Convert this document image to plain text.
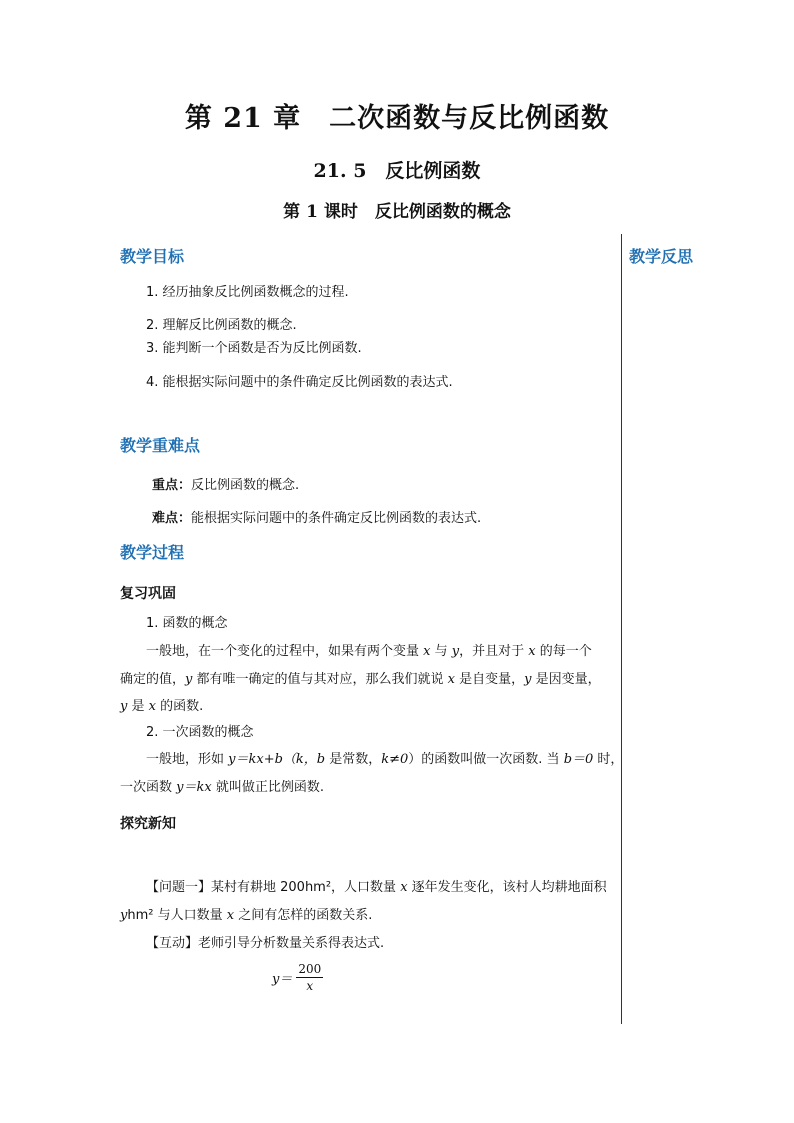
第 21 章　二次函数与反比例函数
21. 5　反比例函数
第 1 课时　反比例函数的概念
教学反思
教学目标
1. 经历抽象反比例函数概念的过程.
2. 理解反比例函数的概念.
3. 能判断一个函数是否为反比例函数.
4. 能根据实际问题中的条件确定反比例函数的表达式.
教学重难点
重点：反比例函数的概念.
难点：能根据实际问题中的条件确定反比例函数的表达式.
教学过程
复习巩固
1. 函数的概念
一般地，在一个变化的过程中，如果有两个变量 x 与 y，并且对于 x 的每一个
确定的值，y 都有唯一确定的值与其对应，那么我们就说 x 是自变量，y 是因变量，
y 是 x 的函数.
2. 一次函数的概念
一般地，形如 y＝kx+b（k，b 是常数，k≠0）的函数叫做一次函数. 当 b＝0 时，
一次函数 y＝kx 就叫做正比例函数.
探究新知
【问题一】某村有耕地 200hm²，人口数量 x 逐年发生变化，该村人均耕地面积
yhm² 与人口数量 x 之间有怎样的函数关系.
【互动】老师引导分析数量关系得表达式.
$y= \frac{200}{x}$
